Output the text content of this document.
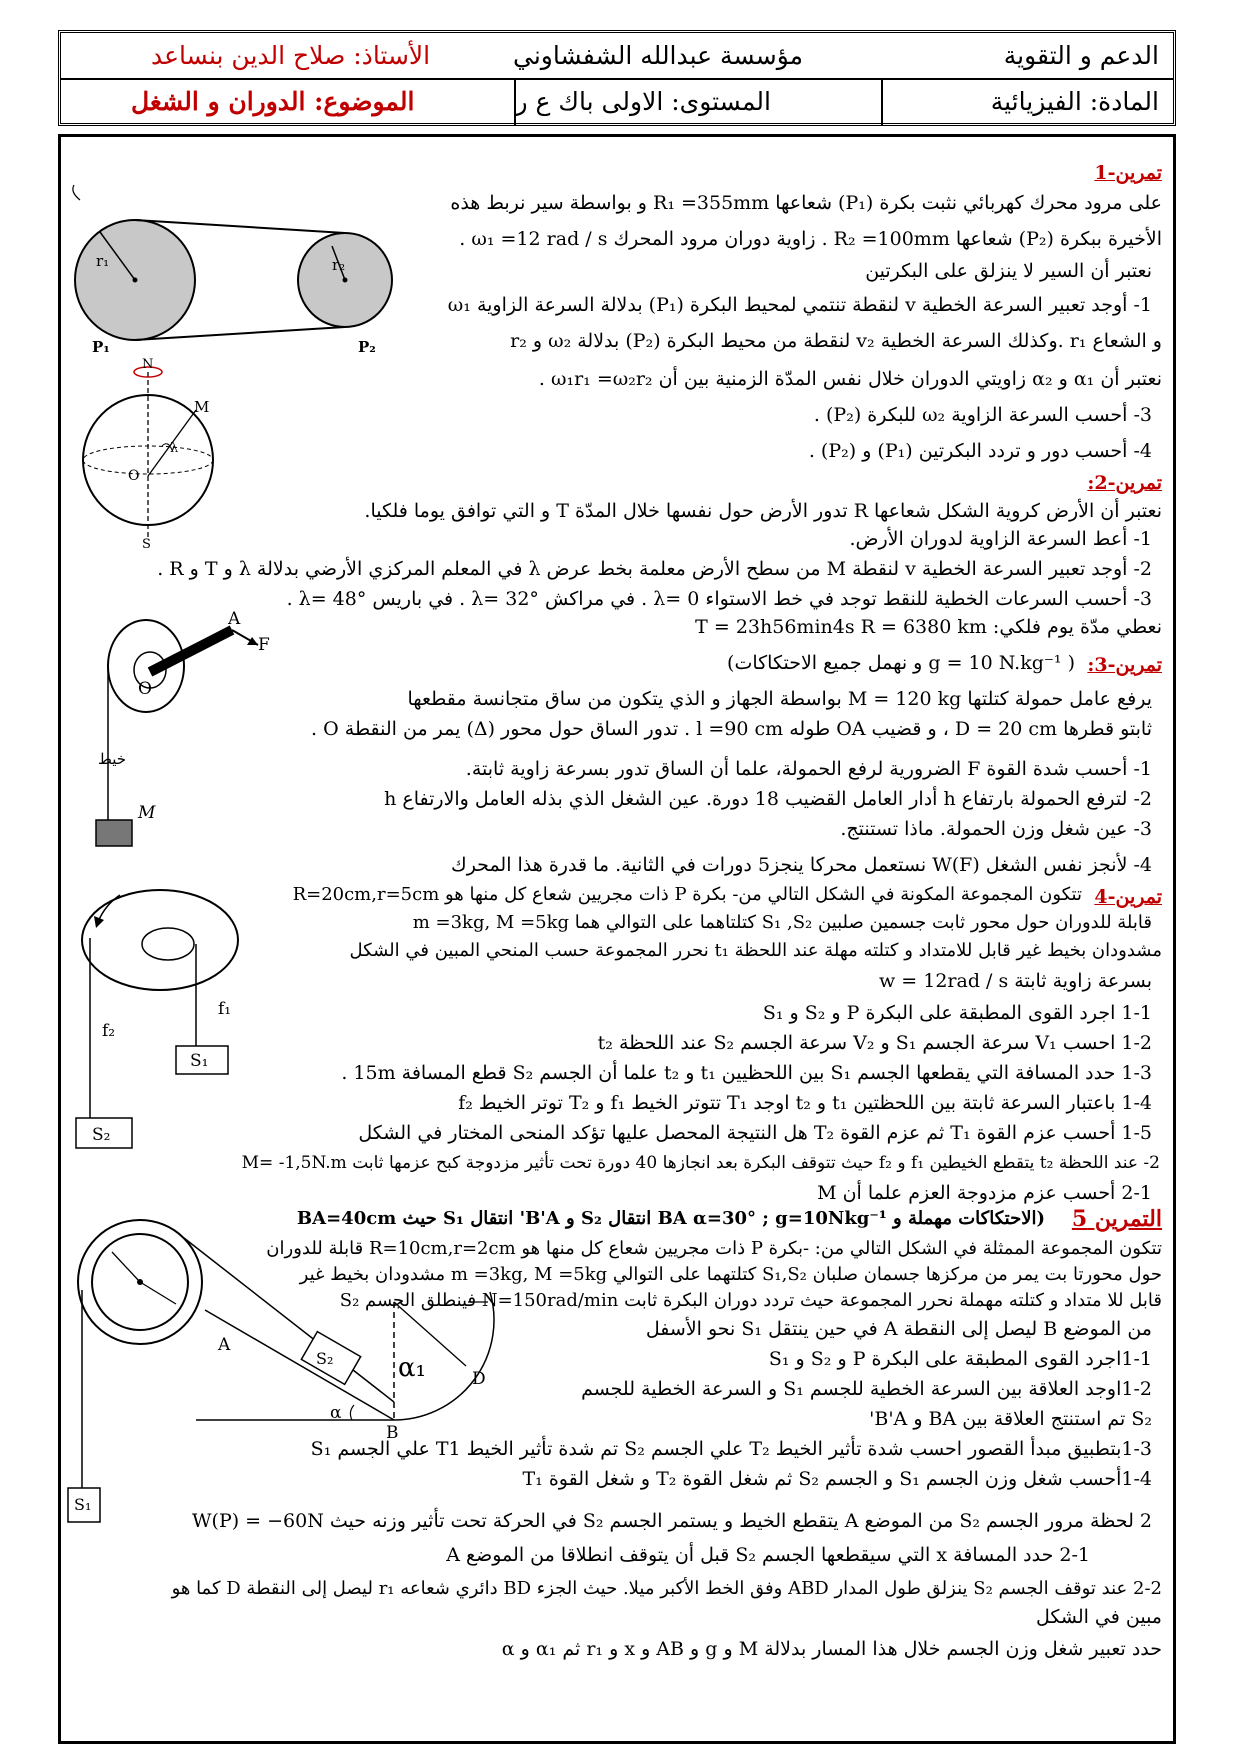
الدعم و التقوية
مؤسسة عبدالله الشفشاوني
الأستاذ: صلاح الدين بنساعد
المادة: الفيزيائية
المستوى: الاولى باك ع ر
الموضوع: الدوران و الشغل
تمرين-1
على مرود محرك كهربائي نثبت بكرة (P₁) شعاعها R₁ =355mm و بواسطة سير نربط هذه
الأخيرة ببكرة (P₂) شعاعها R₂ =100mm . زاوية دوران مرود المحرك ω₁ =12 rad / s .
نعتبر أن السير لا ينزلق على البكرتين
1- أوجد تعبير السرعة الخطية v لنقطة تنتمي لمحيط البكرة (P₁) بدلالة السرعة الزاوية ω₁
و الشعاع r₁ .وكذلك السرعة الخطية v₂ لنقطة من محيط البكرة (P₂) بدلالة ω₂ و r₂
نعتبر أن α₁ و α₂ زاويتي الدوران خلال نفس المدّة الزمنية بين أن ω₁r₁ =ω₂r₂ .
3- أحسب السرعة الزاوية ω₂ للبكرة (P₂) .
4- أحسب دور و تردد البكرتين (P₁) و (P₂) .
تمرين-2:
نعتبر أن الأرض كروية الشكل شعاعها R تدور الأرض حول نفسها خلال المدّة T و التي توافق يوما فلكيا.
1- أعط السرعة الزاوية لدوران الأرض.
2- أوجد تعبير السرعة الخطية v لنقطة M من سطح الأرض معلمة بخط عرض λ في المعلم المركزي الأرضي بدلالة λ و T و R .
3- أحسب السرعات الخطية للنقط توجد في خط الاستواء λ= 0 . في مراكش λ= 32° . في باريس λ= 48° .
نعطي مدّة يوم فلكي: T = 23h56min4s R = 6380 km
تمرين-3:
( g = 10 N.kg⁻¹ و نهمل جميع الاحتكاكات)
يرفع عامل حمولة كتلتها M = 120 kg بواسطة الجهاز و الذي يتكون من ساق متجانسة مقطعها
ثابتو قطرها D = 20 cm ، و قضيب OA طوله l =90 cm . تدور الساق حول محور (Δ) يمر من النقطة O .
1- أحسب شدة القوة F الضرورية لرفع الحمولة، علما أن الساق تدور بسرعة زاوية ثابتة.
2- لترفع الحمولة بارتفاع h أدار العامل القضيب 18 دورة. عين الشغل الذي بذله العامل والارتفاع h
3- عين شغل وزن الحمولة. ماذا تستنتج.
4- لأنجز نفس الشغل W(F) نستعمل محركا ينجز5 دورات في الثانية. ما قدرة هذا المحرك
تمرين-4
تتكون المجموعة المكونة في الشكل التالي من- بكرة P ذات مجريين شعاع كل منها هو R=20cm,r=5cm
قابلة للدوران حول محور ثابت جسمين صلبين S₁ ,S₂ كتلتاهما على التوالي هما m =3kg, M =5kg
مشدودان بخيط غير قابل للامتداد و كتلته مهلة عند اللحظة t₁ نحرر المجموعة حسب المنحي المبين في الشكل
بسرعة زاوية ثابتة w = 12rad / s
1-1 اجرد القوى المطبقة على البكرة P و S₂ و S₁
1-2 احسب V₁ سرعة الجسم S₁ و V₂ سرعة الجسم S₂ عند اللحظة t₂
1-3 حدد المسافة التي يقطعها الجسم S₁ بين اللحظيين t₁ و t₂ علما أن الجسم S₂ قطع المسافة 15m .
1-4 باعتبار السرعة ثابتة بين اللحظتين t₁ و t₂ اوجد T₁ تتوتر الخيط f₁ و T₂ توتر الخيط f₂
1-5 أحسب عزم القوة T₁ ثم عزم القوة T₂ هل النتيجة المحصل عليها تؤكد المنحى المختار في الشكل
2- عند اللحظة t₂ يتقطع الخيطين f₁ و f₂ حيث تتوقف البكرة بعد انجازها 40 دورة تحت تأثير مزدوجة كبح عزمها ثابت M= -1,5N.m
2-1 أحسب عزم مزدوجة العزم علما أن M
التمرين 5
(الاحتكاكات مهملة و BA α=30° ; g=10Nkg⁻¹ انتقال S₂ و B'A' انتقال S₁ حيث BA=40cm
تتكون المجموعة الممثلة في الشكل التالي من: -بكرة P ذات مجريين شعاع كل منها هو R=10cm,r=2cm قابلة للدوران
حول محورتا بت يمر من مركزها جسمان صلبان S₁,S₂ كتلتهما على التوالي m =3kg, M =5kg مشدودان بخيط غير
قابل للا متداد و كتلته مهملة نحرر المجموعة حيث تردد دوران البكرة ثابت N=150rad/min فينطلق الجسم S₂
من الموضع B ليصل إلى النقطة A في حين ينتقل S₁ نحو الأسفل
1-1اجرد القوى المطبقة على البكرة P و S₂ و S₁
1-2اوجد العلاقة بين السرعة الخطية للجسم S₁ و السرعة الخطية للجسم
S₂ تم استنتج العلاقة بين BA و B'A'
1-3بتطبيق مبدأ القصور احسب شدة تأثير الخيط T₂ علي الجسم S₂ تم شدة تأثير الخيط T1 علي الجسم S₁
1-4أحسب شغل وزن الجسم S₁ و الجسم S₂ ثم شغل القوة T₂ و شغل القوة T₁
2 لحظة مرور الجسم S₂ من الموضع A يتقطع الخيط و يستمر الجسم S₂ في الحركة تحت تأثير وزنه حيث W(P) = −60N
2-1 حدد المسافة x التي سيقطعها الجسم S₂ قبل أن يتوقف انطلاقا من الموضع A
2-2 عند توقف الجسم S₂ ينزلق طول المدار ABD وفق الخط الأكبر ميلا. حيث الجزء BD دائري شعاعه r₁ ليصل إلى النقطة D كما هو
مبين في الشكل
حدد تعبير شغل وزن الجسم خلال هذا المسار بدلالة M و g و AB و x و r₁ ثم α₁ و α
r₁	r₂
P₁	P₂
N
M
O
λ
S
A
F
O
خيط
M
f₁
f₂
S₁
S₂
A
B
D
α
α₁
S₂
S₁
